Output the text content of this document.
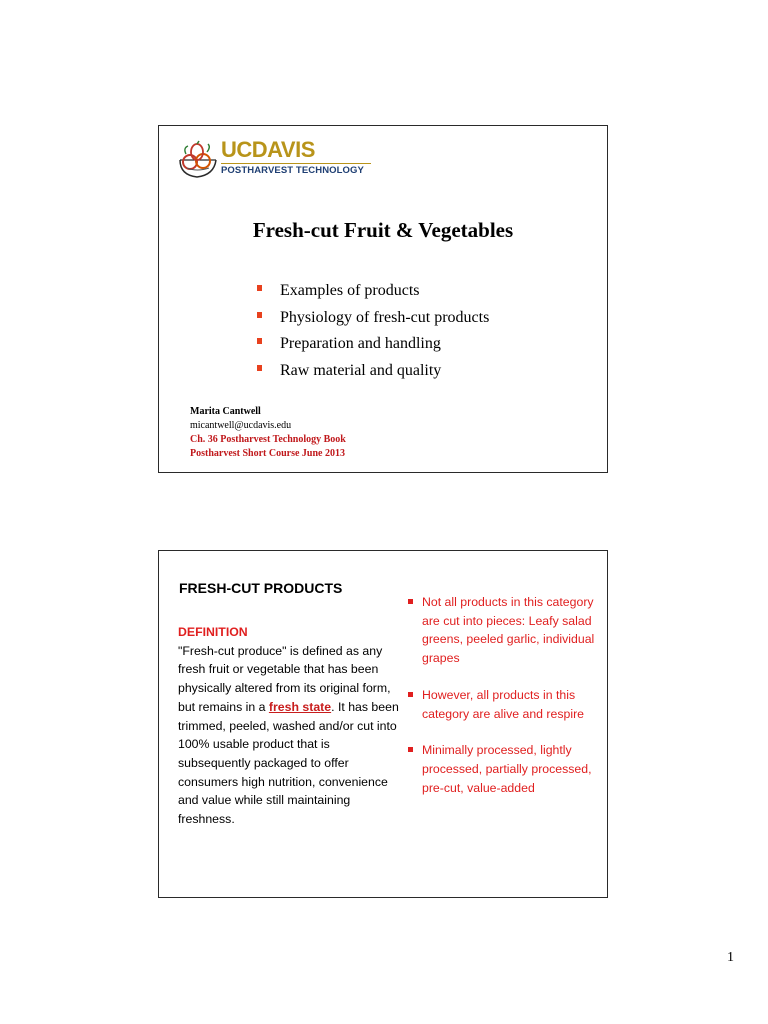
UCDAVIS
POSTHARVEST TECHNOLOGY
Fresh-cut Fruit & Vegetables
Examples of products
Physiology of fresh-cut products
Preparation and handling
Raw material and quality
Marita Cantwell
micantwell@ucdavis.edu
Ch. 36 Postharvest Technology Book
Postharvest Short Course June 2013
FRESH-CUT PRODUCTS
DEFINITION
"Fresh-cut produce" is defined as any fresh fruit or vegetable that has been physically altered from its original form, but remains in a fresh state. It has been trimmed, peeled, washed and/or cut into 100% usable product that is subsequently packaged to offer consumers high nutrition, convenience and value while still maintaining freshness.
Not all products in this category are cut into pieces: Leafy salad greens, peeled garlic, individual grapes
However, all products in this category are alive and respire
Minimally processed, lightly processed, partially processed, pre-cut, value-added
1
